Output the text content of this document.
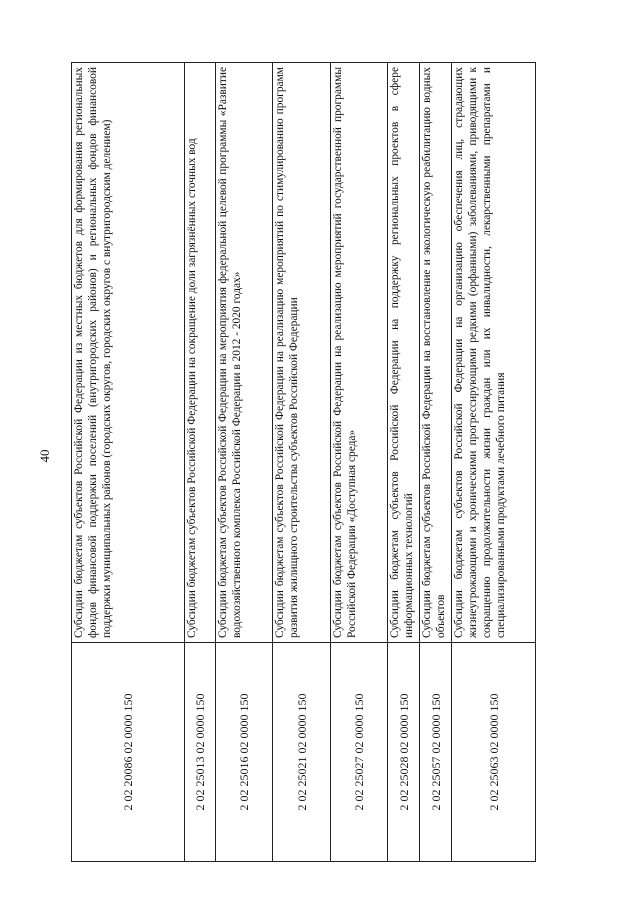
40
2 02 20086 02 0000 150	Субсидии бюджетам субъектов Российской Федерации из местных бюджетов для формирования региональных фондов финансовой поддержки поселений (внутригородских районов) и региональных фондов финансовой поддержки муниципальных районов (городских округов, городских округов с внутригородским делением)
2 02 25013 02 0000 150	Субсидии бюджетам субъектов Российской Федерации на сокращение доли загрязнённых сточных вод
2 02 25016 02 0000 150	Субсидии бюджетам субъектов Российской Федерации на мероприятия федеральной целевой программы «Развитие водохозяйственного комплекса Российской Федерации в 2012 - 2020 годах»
2 02 25021 02 0000 150	Субсидии бюджетам субъектов Российской Федерации на реализацию мероприятий по стимулированию программ развития жилищного строительства субъектов Российской Федерации
2 02 25027 02 0000 150	Субсидии бюджетам субъектов Российской Федерации на реализацию мероприятий государственной программы Российской Федерации «Доступная среда»
2 02 25028 02 0000 150	Субсидии бюджетам субъектов Российской Федерации на поддержку региональных проектов в сфере информационных технологий
2 02 25057 02 0000 150	Субсидии бюджетам субъектов Российской Федерации на восстановление и экологическую реабилитацию водных объектов
2 02 25063 02 0000 150	Субсидии бюджетам субъектов Российской Федерации на организацию обеспечения лиц, страдающих жизнеугрожающими и хроническими прогрессирующими редкими (орфанными) заболеваниями, приводящими к сокращению продолжительности жизни граждан или их инвалидности, лекарственными препаратами и специализированными продуктами лечебного питания
